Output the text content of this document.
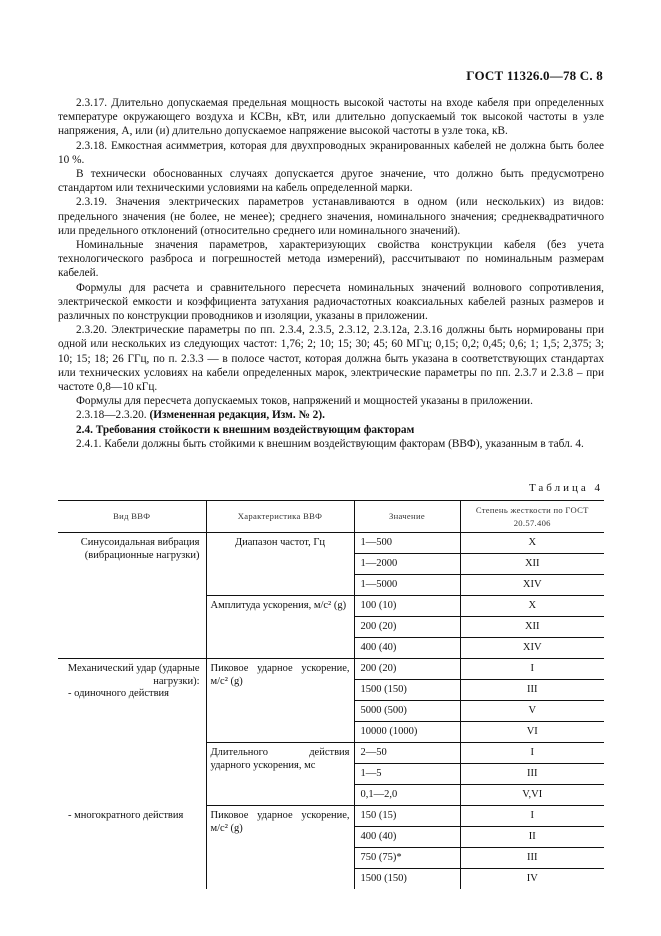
ГОСТ 11326.0—78 С. 8

2.3.17. Длительно допускаемая предельная мощность высокой частоты на входе кабеля при определенных температуре окружающего воздуха и КСВн, кВт, или длительно допускаемый ток высокой частоты в узле напряжения, А, или (и) длительно допускаемое напряжение высокой частоты в узле тока, кВ.

2.3.18. Емкостная асимметрия, которая для двухпроводных экранированных кабелей не должна быть более 10 %.

В технически обоснованных случаях допускается другое значение, что должно быть предусмотрено стандартом или техническими условиями на кабель определенной марки.

2.3.19. Значения электрических параметров устанавливаются в одном (или нескольких) из видов: предельного значения (не более, не менее); среднего значения, номинального значения; среднеквадратичного или предельного отклонений (относительно среднего или номинального значений).

Номинальные значения параметров, характеризующих свойства конструкции кабеля (без учета технологического разброса и погрешностей метода измерений), рассчитывают по номинальным размерам кабелей.

Формулы для расчета и сравнительного пересчета номинальных значений волнового сопротивления, электрической емкости и коэффициента затухания радиочастотных коаксиальных кабелей разных размеров и различных по конструкции проводников и изоляции, указаны в приложении.

2.3.20. Электрические параметры по пп. 2.3.4, 2.3.5, 2.3.12, 2.3.12а, 2.3.16 должны быть нормированы при одной или нескольких из следующих частот: 1,76; 2; 10; 15; 30; 45; 60 МГц; 0,15; 0,2; 0,45; 0,6; 1; 1,5; 2,375; 3; 10; 15; 18; 26 ГГц, по п. 2.3.3 — в полосе частот, которая должна быть указана в соответствующих стандартах или технических условиях на кабели определенных марок, электрические параметры по пп. 2.3.7 и 2.3.8 – при частоте 0,8—10 кГц.

Формулы для пересчета допускаемых токов, напряжений и мощностей указаны в приложении.

2.3.18—2.3.20. (Измененная редакция, Изм. № 2).

2.4. Требования стойкости к внешним воздействующим факторам

2.4.1. Кабели должны быть стойкими к внешним воздействующим факторам (ВВФ), указанным в табл. 4.

Таблица 4
Вид ВВФ	Характеристика ВВФ	Значение	Степень жесткости по ГОСТ 20.57.406

Синусоидальная вибрация (вибрационные нагрузки)	Диапазон частот, Гц	1—500	X
		1—2000	XII
		1—5000	XIV

	Амплитуда ускорения, м/с² (g)	100 (10)	X
		200 (20)	XII
		400 (40)	XIV

Механический удар (ударные нагрузки):
- одиночного действия	Пиковое ударное ускорение, м/с² (g)	200 (20)	I
		1500 (150)	III
		5000 (500)	V
		10000 (1000)	VI

	Длительного действия ударного ускорения, мс	2—50	I
		1—5	III
		0,1—2,0	V,VI

- многократного действия	Пиковое ударное ускорение, м/с² (g)	150 (15)	I
		400 (40)	II
		750 (75)*	III
		1500 (150)	IV
